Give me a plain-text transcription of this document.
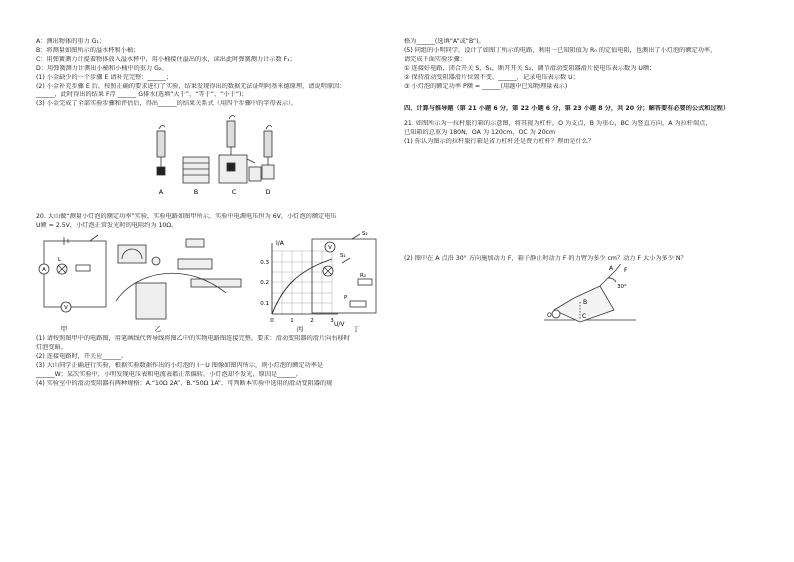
A：测出物体的重力 G₁；
B：将测量如图所示的溢水杯和小桶；
C：用弹簧测力计提着物体放入溢水杯中，用小桶接住溢出的水，读出此时弹簧测力计示数 F₁；
D：用弹簧测力计测出小桶和小桶中的重力 G₂。
(1) 小金缺少的一个步骤 E 请补充完整：______；
(2) 小金补充步骤 E 后，按照正确的要求进行了实验，结果发现得出的数据无法证明阿基米德原理，请说明原因：
______，此时得出的结果 F浮 ______ G排水(选填“大于”、“等于”、“小于”)；
(3) 小金完成了全部实验步骤和评估后，得出______的结果关系式（用四个步骤中的字母表示）。
A	B	C	D
20. 大山做“测量小灯泡的额定功率”实验，实验电路如图甲所示，实验中电源电压恒为 6V，小灯泡的额定电压
U额 = 2.5V，小灯泡正常发光时的电阻约为 10Ω。
A
V
L
I/A
U/V
0.3
0.2
0.1
0	1	2	3
V
S₂
S₁
R₀
P
甲	乙	丙	丁
(1) 请按照图甲中的电路图，用笔画线代替导线将图乙中的实物电路图连接完整。要求：滑动变阻器的滑片向右移时
灯泡变暗。
(2) 连接电路时，开关应______。
(3) 大山同学正确进行实验，根据实验数据作出的小灯泡的 I－U 图像如图丙所示，则小灯泡的额定功率是
______W；某次实验中，小明发现电压表和电流表都正常偏转，小灯泡却不发光，原因是______。
(4) 实验室中的滑动变阻器有两种规格：A.“10Ω 2A”，B.“50Ω 1A”，可判断本实验中选用的滑动变阻器的规
格为______(选填“A”或“B”)。
(5) 同组的小明同学，设计了如图丁所示的电路，利用一已知阻值为 R₀ 的定值电阻，也测出了小灯泡的额定功率，
请完成下面实验步骤：
① 连接好电路，闭合开关 S、S₁，断开开关 S₂，调节滑动变阻器滑片使电压表示数为 U额；
② 保持滑动变阻器滑片位置不变，______，记录电压表示数 U；
③ 小灯泡的额定功率 P额 = ______(用题中已知物理量表示)
四、计算与推导题（第 21 小题 6 分，第 22 小题 6 分，第 23 小题 8 分，共 20 分；解答要有必要的公式和过程）
21. 如图所示为一拉杆旅行箱的示意图，将其视为杠杆，O 为支点，B 为重心，BC 为竖直方向，A 为拉杆端点，
已知箱的总重为 180N，OA 为 120cm，OC 为 20cm
(1) 你认为图示的拉杆旅行箱是省力杠杆还是费力杠杆？理由是什么？
(2) 图中在 A 点沿 30° 方向施加动力 F，箱子静止时动力 F 的力臂为多少 cm？动力 F 大小为多少 N？
A F
B
O	C
30°
